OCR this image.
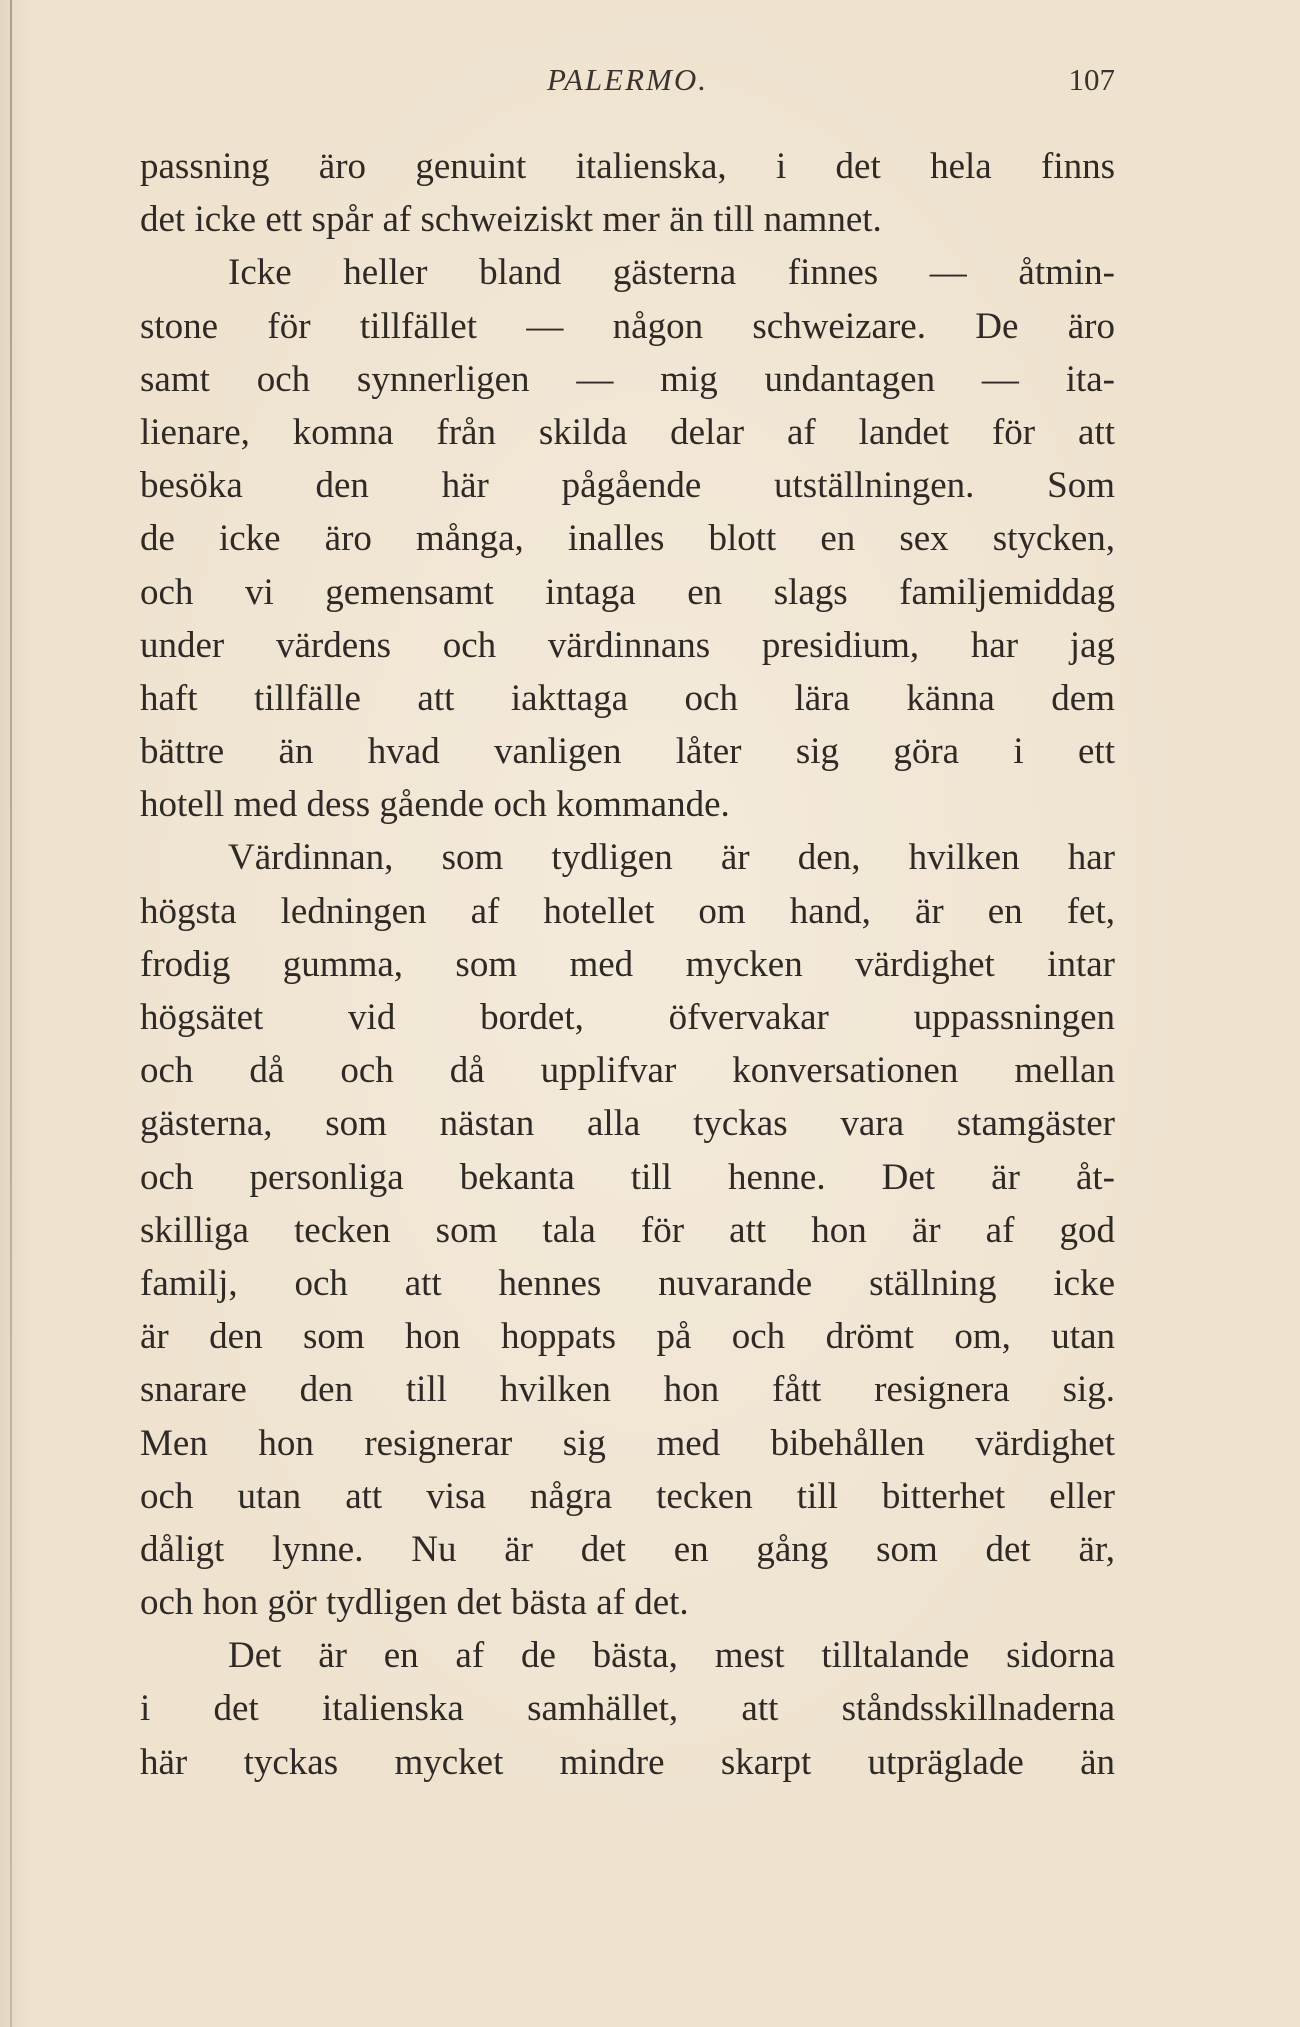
PALERMO.	107
passning äro genuint italienska, i det hela finns
det icke ett spår af schweiziskt mer än till namnet.
Icke heller bland gästerna finnes — åtmin-
stone för tillfället — någon schweizare. De äro
samt och synnerligen — mig undantagen — ita-
lienare, komna från skilda delar af landet för att
besöka den här pågående utställningen. Som
de icke äro många, inalles blott en sex stycken,
och vi gemensamt intaga en slags familjemiddag
under värdens och värdinnans presidium, har jag
haft tillfälle att iakttaga och lära känna dem
bättre än hvad vanligen låter sig göra i ett
hotell med dess gående och kommande.
Värdinnan, som tydligen är den, hvilken har
högsta ledningen af hotellet om hand, är en fet,
frodig gumma, som med mycken värdighet intar
högsätet vid bordet, öfvervakar uppassningen
och då och då upplifvar konversationen mellan
gästerna, som nästan alla tyckas vara stamgäster
och personliga bekanta till henne. Det är åt-
skilliga tecken som tala för att hon är af god
familj, och att hennes nuvarande ställning icke
är den som hon hoppats på och drömt om, utan
snarare den till hvilken hon fått resignera sig.
Men hon resignerar sig med bibehållen värdighet
och utan att visa några tecken till bitterhet eller
dåligt lynne. Nu är det en gång som det är,
och hon gör tydligen det bästa af det.
Det är en af de bästa, mest tilltalande sidorna
i det italienska samhället, att ståndsskillnaderna
här tyckas mycket mindre skarpt utpräglade än
